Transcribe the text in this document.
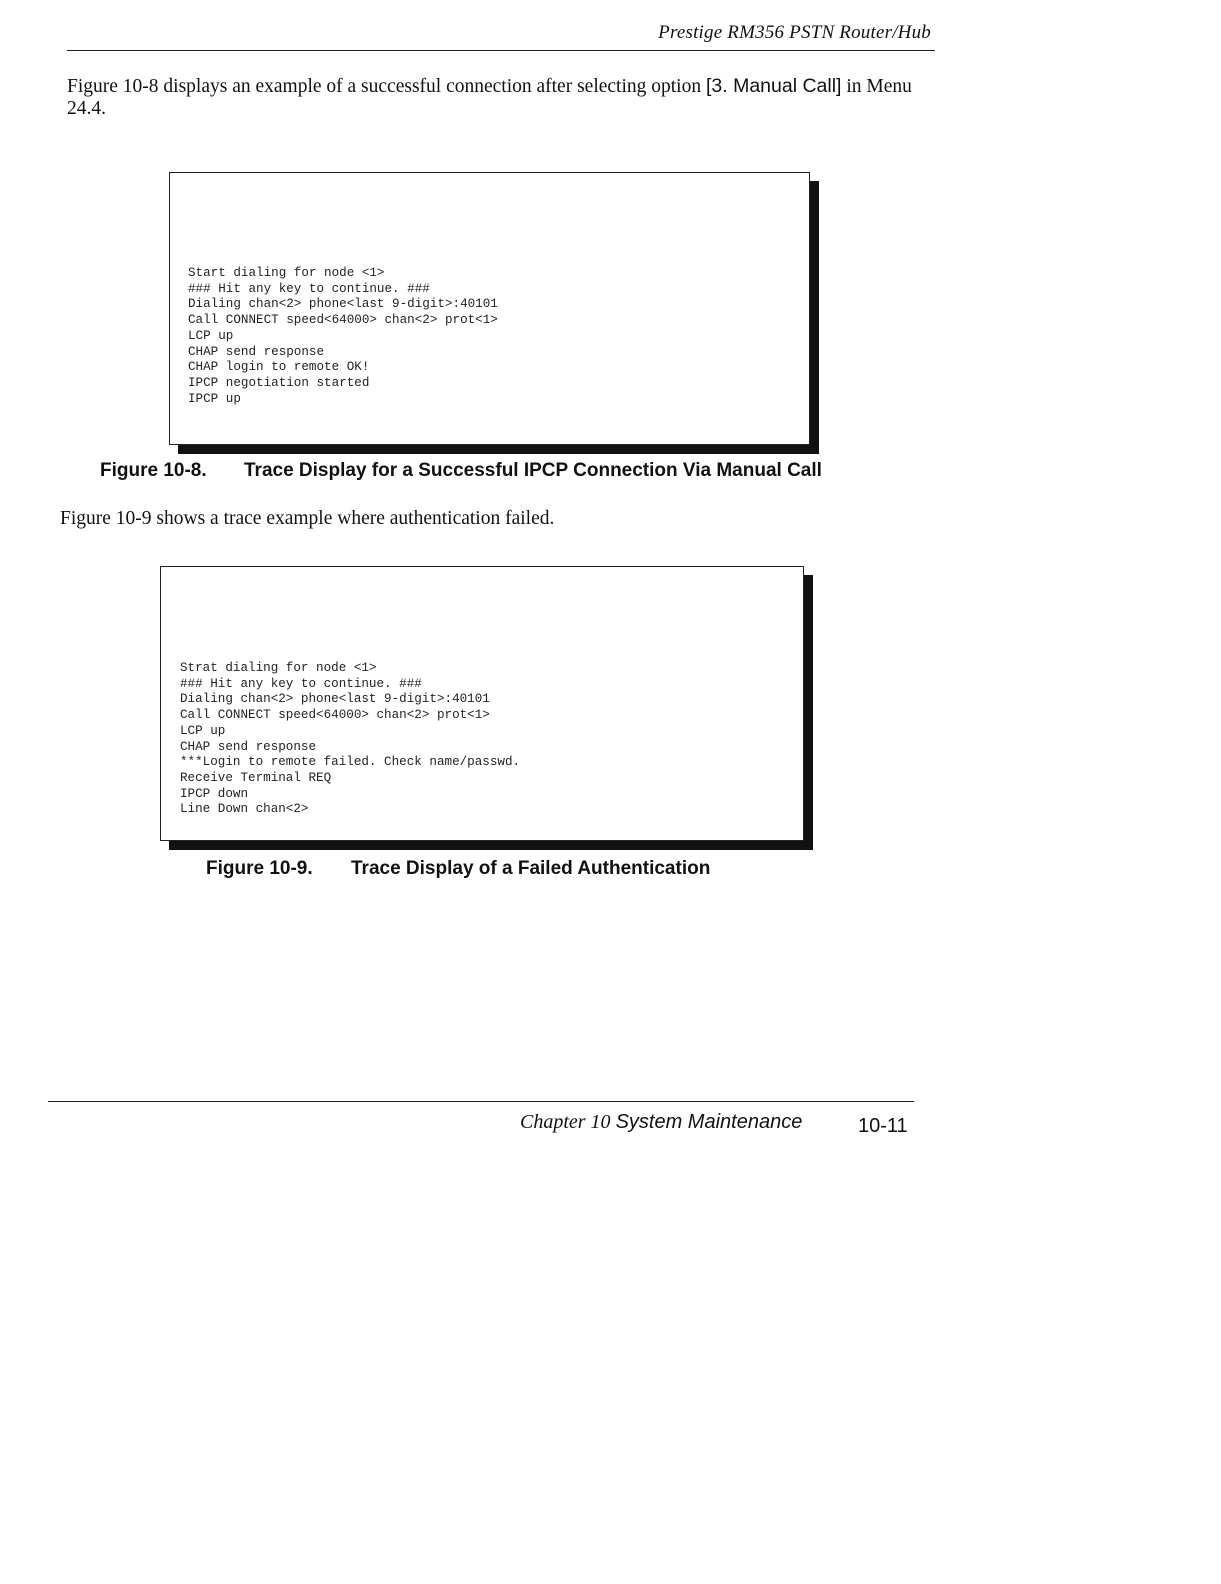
Prestige RM356 PSTN Router/Hub
Figure 10-8 displays an example of a successful connection after selecting option [3. Manual Call] in Menu 24.4.
Start dialing for node <1>
### Hit any key to continue. ###
Dialing chan<2> phone<last 9-digit>:40101
Call CONNECT speed<64000> chan<2> prot<1>
LCP up
CHAP send response
CHAP login to remote OK!
IPCP negotiation started
IPCP up
Figure 10-8. Trace Display for a Successful IPCP Connection Via Manual Call
Figure 10-9 shows a trace example where authentication failed.
Strat dialing for node <1>
### Hit any key to continue. ###
Dialing chan<2> phone<last 9-digit>:40101
Call CONNECT speed<64000> chan<2> prot<1>
LCP up
CHAP send response
***Login to remote failed. Check name/passwd.
Receive Terminal REQ
IPCP down
Line Down chan<2>
Figure 10-9. Trace Display of a Failed Authentication
Chapter 10 System Maintenance	10-11
